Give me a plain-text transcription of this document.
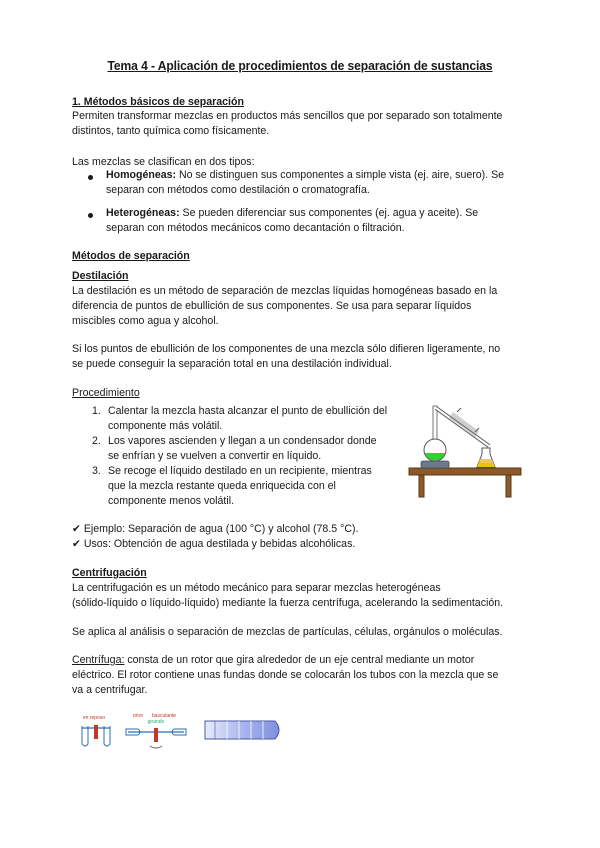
Tema 4 - Aplicación de procedimientos de separación de sustancias
1. Métodos básicos de separación
Permiten transformar mezclas en productos más sencillos que por separado son totalmente
distintos, tanto química como físicamente.
Las mezclas se clasifican en dos tipos:
Homogéneas: No se distinguen sus componentes a simple vista (ej. aire, suero). Se
separan con métodos como destilación o cromatografía.
Heterogéneas: Se pueden diferenciar sus componentes (ej. agua y aceite). Se
separan con métodos mecánicos como decantación o filtración.
Métodos de separación
Destilación
La destilación es un método de separación de mezclas líquidas homogéneas basado en la
diferencia de puntos de ebullición de sus componentes. Se usa para separar líquidos
miscibles como agua y alcohol.
Si los puntos de ebullición de los componentes de una mezcla sólo difieren ligeramente, no
se puede conseguir la separación total en una destilación individual.
Procedimiento
1. Calentar la mezcla hasta alcanzar el punto de ebullición del
componente más volátil.
2. Los vapores ascienden y llegan a un condensador donde
se enfrían y se vuelven a convertir en líquido.
3. Se recoge el líquido destilado en un recipiente, mientras
que la mezcla restante queda enriquecida con el
componente menos volátil.
✔ Ejemplo: Separación de agua (100 °C) y alcohol (78.5 °C).
✔ Usos: Obtención de agua destilada y bebidas alcohólicas.
Centrifugación
La centrifugación es un método mecánico para separar mezclas heterogéneas
(sólido-líquido o líquido-líquido) mediante la fuerza centrífuga, acelerando la sedimentación.
Se aplica al análisis o separación de mezclas de partículas, células, orgánulos o moléculas.
Centrífuga: consta de un rotor que gira alrededor de un eje central mediante un motor
eléctrico. El rotor contiene unas fundas donde se colocarán los tubos con la mezcla que se
va a centrifugar.
en reposo	rotor basculante
girando
